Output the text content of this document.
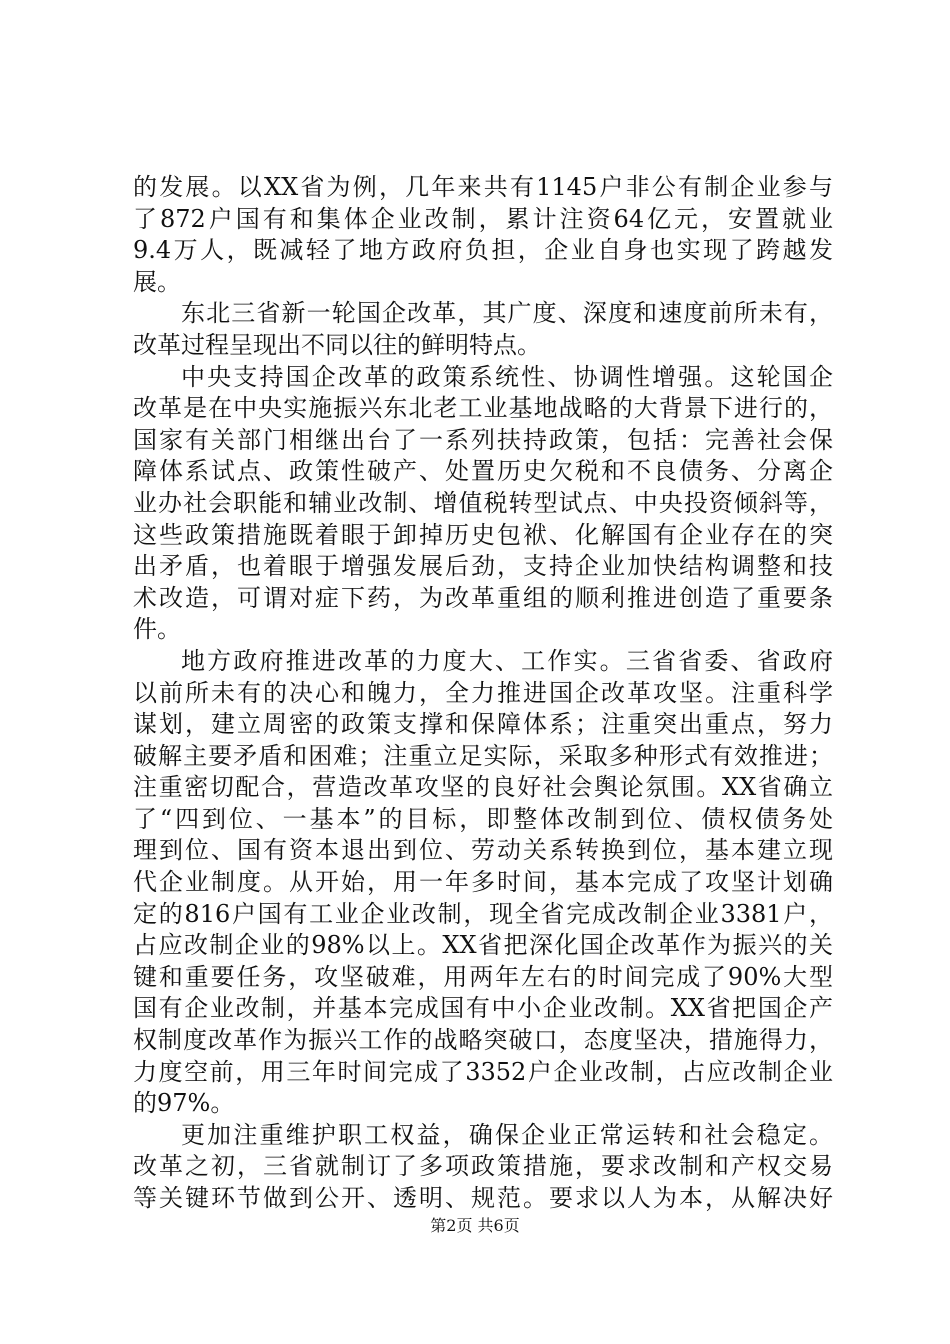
的发展。以XX省为例，几年来共有1145户非公有制企业参与
了872户国有和集体企业改制，累计注资64亿元，安置就业
9.4万人，既减轻了地方政府负担，企业自身也实现了跨越发
展。
东北三省新一轮国企改革，其广度、深度和速度前所未有，
改革过程呈现出不同以往的鲜明特点。
中央支持国企改革的政策系统性、协调性增强。这轮国企
改革是在中央实施振兴东北老工业基地战略的大背景下进行的，
国家有关部门相继出台了一系列扶持政策，包括：完善社会保
障体系试点、政策性破产、处置历史欠税和不良债务、分离企
业办社会职能和辅业改制、增值税转型试点、中央投资倾斜等，
这些政策措施既着眼于卸掉历史包袱、化解国有企业存在的突
出矛盾，也着眼于增强发展后劲，支持企业加快结构调整和技
术改造，可谓对症下药，为改革重组的顺利推进创造了重要条
件。
地方政府推进改革的力度大、工作实。三省省委、省政府
以前所未有的决心和魄力，全力推进国企改革攻坚。注重科学
谋划，建立周密的政策支撑和保障体系；注重突出重点，努力
破解主要矛盾和困难；注重立足实际，采取多种形式有效推进；
注重密切配合，营造改革攻坚的良好社会舆论氛围。XX省确立
了“四到位、一基本”的目标，即整体改制到位、债权债务处
理到位、国有资本退出到位、劳动关系转换到位，基本建立现
代企业制度。从开始，用一年多时间，基本完成了攻坚计划确
定的816户国有工业企业改制，现全省完成改制企业3381户，
占应改制企业的98%以上。XX省把深化国企改革作为振兴的关
键和重要任务，攻坚破难，用两年左右的时间完成了90%大型
国有企业改制，并基本完成国有中小企业改制。XX省把国企产
权制度改革作为振兴工作的战略突破口，态度坚决，措施得力，
力度空前，用三年时间完成了3352户企业改制，占应改制企业
的97%。
更加注重维护职工权益，确保企业正常运转和社会稳定。
改革之初，三省就制订了多项政策措施，要求改制和产权交易
等关键环节做到公开、透明、规范。要求以人为本，从解决好
第2页 共6页
